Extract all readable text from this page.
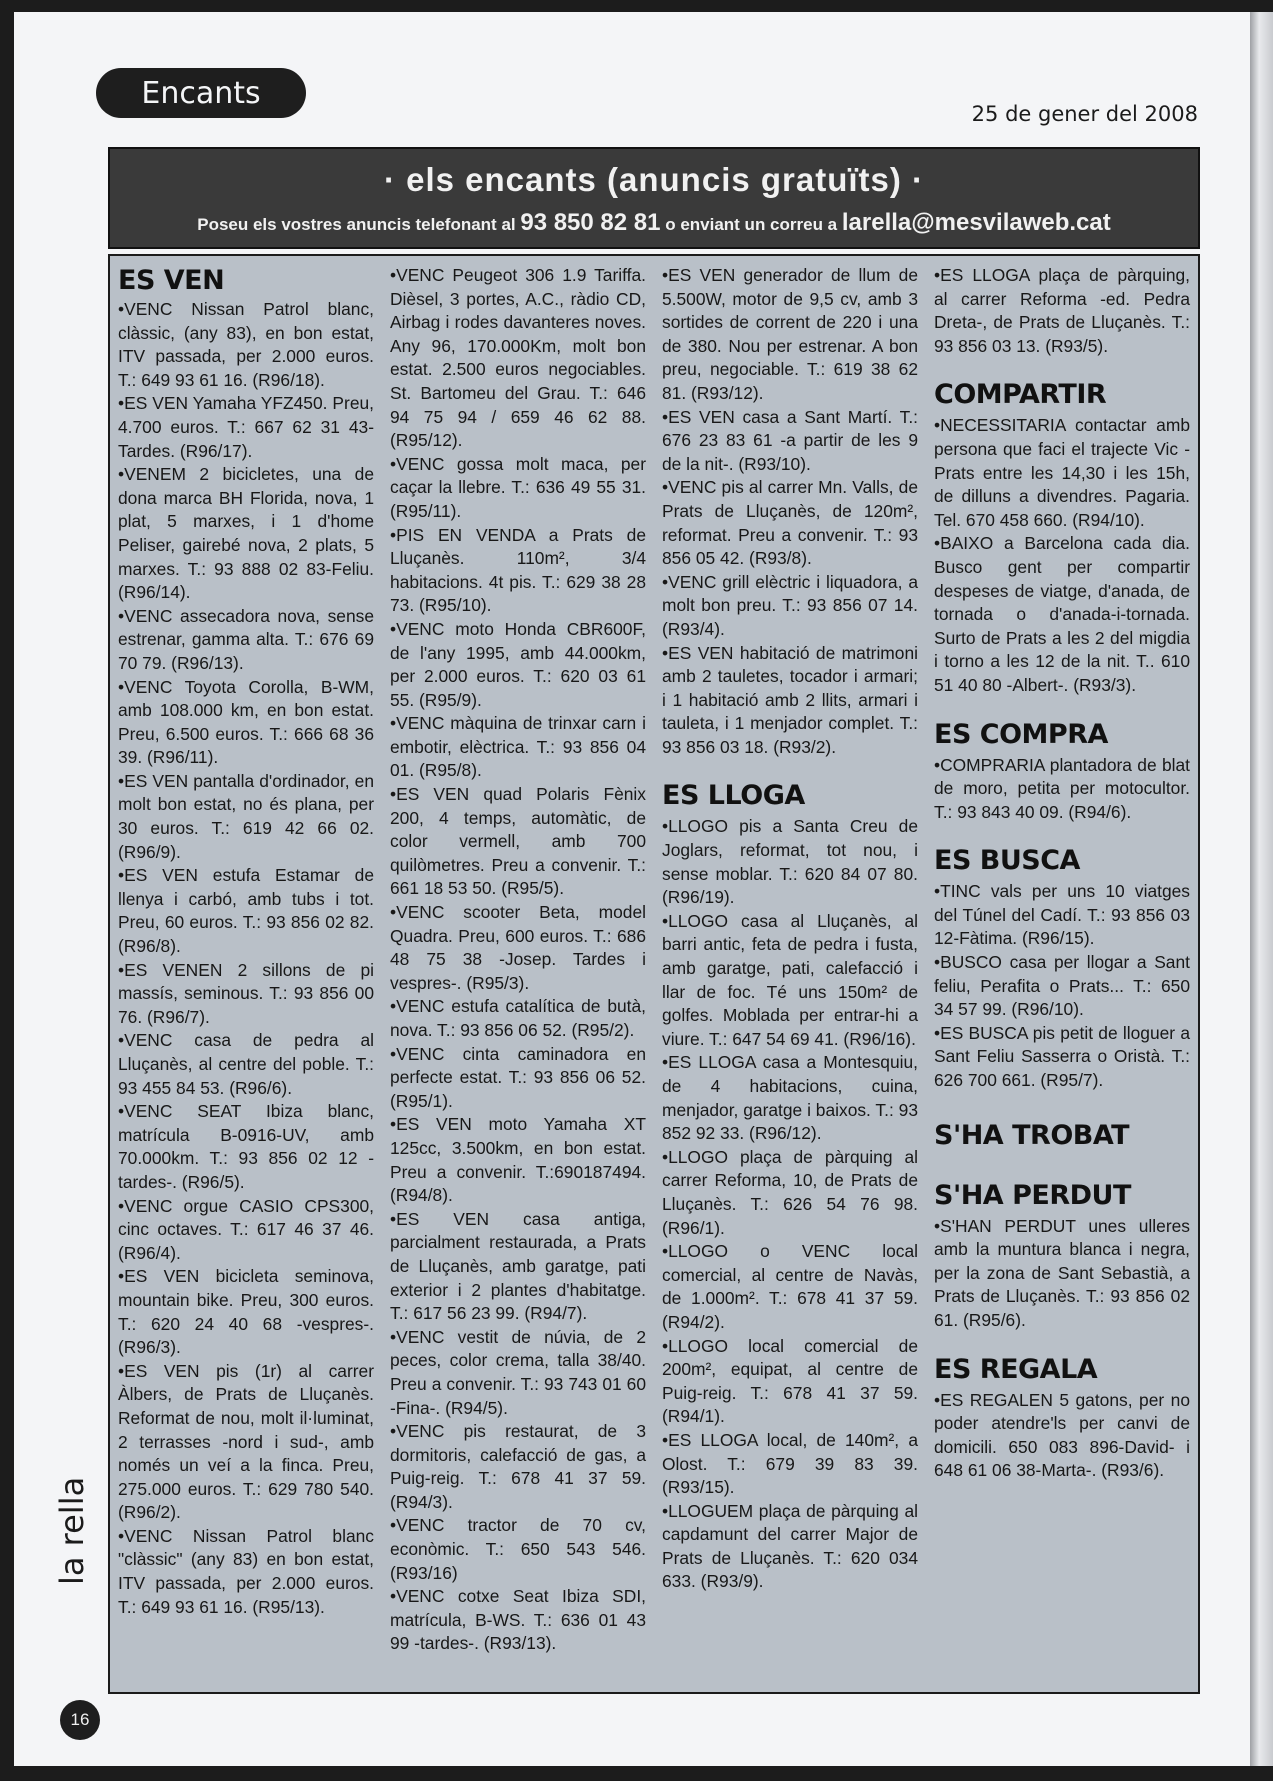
Encants
25 de gener del 2008
· els encants (anuncis gratuïts) ·
Poseu els vostres anuncis telefonant al 93 850 82 81 o enviant un correu a larella@mesvilaweb.cat
ES VEN

•VENC Nissan Patrol blanc, clàssic, (any 83), en bon estat, ITV passada, per 2.000 euros. T.: 649 93 61 16. (R96/18).

•ES VEN Yamaha YFZ450. Preu, 4.700 euros. T.: 667 62 31 43-Tardes. (R96/17).

•VENEM 2 bicicletes, una de dona marca BH Florida, nova, 1 plat, 5 marxes, i 1 d'home Peliser, gairebé nova, 2 plats, 5 marxes. T.: 93 888 02 83-Feliu. (R96/14).

•VENC assecadora nova, sense estrenar, gamma alta. T.: 676 69 70 79. (R96/13).

•VENC Toyota Corolla, B-WM, amb 108.000 km, en bon estat. Preu, 6.500 euros. T.: 666 68 36 39. (R96/11).

•ES VEN pantalla d'ordinador, en molt bon estat, no és plana, per 30 euros. T.: 619 42 66 02. (R96/9).

•ES VEN estufa Estamar de llenya i carbó, amb tubs i tot. Preu, 60 euros. T.: 93 856 02 82. (R96/8).

•ES VENEN 2 sillons de pi massís, seminous. T.: 93 856 00 76. (R96/7).

•VENC casa de pedra al Lluçanès, al centre del poble. T.: 93 455 84 53. (R96/6).

•VENC SEAT Ibiza blanc, matrícula B-0916-UV, amb 70.000km. T.: 93 856 02 12 -tardes-. (R96/5).

•VENC orgue CASIO CPS300, cinc octaves. T.: 617 46 37 46. (R96/4).

•ES VEN bicicleta seminova, mountain bike. Preu, 300 euros. T.: 620 24 40 68 -vespres-. (R96/3).

•ES VEN pis (1r) al carrer Àlbers, de Prats de Lluçanès. Reformat de nou, molt il·luminat, 2 terrasses -nord i sud-, amb només un veí a la finca. Preu, 275.000 euros. T.: 629 780 540. (R96/2).

•VENC Nissan Patrol blanc "clàssic" (any 83) en bon estat, ITV passada, per 2.000 euros. T.: 649 93 61 16. (R95/13).

•VENC Peugeot 306 1.9 Tariffa. Dièsel, 3 portes, A.C., ràdio CD, Airbag i rodes davanteres noves. Any 96, 170.000Km, molt bon estat. 2.500 euros negociables. St. Bartomeu del Grau. T.: 646 94 75 94 / 659 46 62 88. (R95/12).

•VENC gossa molt maca, per caçar la llebre. T.: 636 49 55 31. (R95/11).

•PIS EN VENDA a Prats de Lluçanès. 110m², 3/4 habitacions. 4t pis. T.: 629 38 28 73. (R95/10).

•VENC moto Honda CBR600F, de l'any 1995, amb 44.000km, per 2.000 euros. T.: 620 03 61 55. (R95/9).

•VENC màquina de trinxar carn i embotir, elèctrica. T.: 93 856 04 01. (R95/8).

•ES VEN quad Polaris Fènix 200, 4 temps, automàtic, de color vermell, amb 700 quilòmetres. Preu a convenir. T.: 661 18 53 50. (R95/5).

•VENC scooter Beta, model Quadra. Preu, 600 euros. T.: 686 48 75 38 -Josep. Tardes i vespres-. (R95/3).

•VENC estufa catalítica de butà, nova. T.: 93 856 06 52. (R95/2).

•VENC cinta caminadora en perfecte estat. T.: 93 856 06 52. (R95/1).

•ES VEN moto Yamaha XT 125cc, 3.500km, en bon estat. Preu a convenir. T.:690187494. (R94/8).

•ES VEN casa antiga, parcialment restaurada, a Prats de Lluçanès, amb garatge, pati exterior i 2 plantes d'habitatge. T.: 617 56 23 99. (R94/7).

•VENC vestit de núvia, de 2 peces, color crema, talla 38/40. Preu a convenir. T.: 93 743 01 60 -Fina-. (R94/5).

•VENC pis restaurat, de 3 dormitoris, calefacció de gas, a Puig-reig. T.: 678 41 37 59. (R94/3).

•VENC tractor de 70 cv, econòmic. T.: 650 543 546. (R93/16)

•VENC cotxe Seat Ibiza SDI, matrícula, B-WS. T.: 636 01 43 99 -tardes-. (R93/13).

•ES VEN generador de llum de 5.500W, motor de 9,5 cv, amb 3 sortides de corrent de 220 i una de 380. Nou per estrenar. A bon preu, negociable. T.: 619 38 62 81. (R93/12).

•ES VEN casa a Sant Martí. T.: 676 23 83 61 -a partir de les 9 de la nit-. (R93/10).

•VENC pis al carrer Mn. Valls, de Prats de Lluçanès, de 120m², reformat. Preu a convenir. T.: 93 856 05 42. (R93/8).

•VENC grill elèctric i liquadora, a molt bon preu. T.: 93 856 07 14. (R93/4).

•ES VEN habitació de matrimoni amb 2 tauletes, tocador i armari; i 1 habitació amb 2 llits, armari i tauleta, i 1 menjador complet. T.: 93 856 03 18. (R93/2).

ES LLOGA

•LLOGO pis a Santa Creu de Joglars, reformat, tot nou, i sense moblar. T.: 620 84 07 80. (R96/19).

•LLOGO casa al Lluçanès, al barri antic, feta de pedra i fusta, amb garatge, pati, calefacció i llar de foc. Té uns 150m² de golfes. Moblada per entrar-hi a viure. T.: 647 54 69 41. (R96/16).

•ES LLOGA casa a Montesquiu, de 4 habitacions, cuina, menjador, garatge i baixos. T.: 93 852 92 33. (R96/12).

•LLOGO plaça de pàrquing al carrer Reforma, 10, de Prats de Lluçanès. T.: 626 54 76 98. (R96/1).

•LLOGO o VENC local comercial, al centre de Navàs, de 1.000m². T.: 678 41 37 59. (R94/2).

•LLOGO local comercial de 200m², equipat, al centre de Puig-reig. T.: 678 41 37 59. (R94/1).

•ES LLOGA local, de 140m², a Olost. T.: 679 39 83 39. (R93/15).

•LLOGUEM plaça de pàrquing al capdamunt del carrer Major de Prats de Lluçanès. T.: 620 034 633. (R93/9).

•ES LLOGA plaça de pàrquing, al carrer Reforma -ed. Pedra Dreta-, de Prats de Lluçanès. T.: 93 856 03 13. (R93/5).

COMPARTIR

•NECESSITARIA contactar amb persona que faci el trajecte Vic - Prats entre les 14,30 i les 15h, de dilluns a divendres. Pagaria. Tel. 670 458 660. (R94/10).

•BAIXO a Barcelona cada dia. Busco gent per compartir despeses de viatge, d'anada, de tornada o d'anada-i-tornada. Surto de Prats a les 2 del migdia i torno a les 12 de la nit. T.. 610 51 40 80 -Albert-. (R93/3).

ES COMPRA

•COMPRARIA plantadora de blat de moro, petita per motocultor. T.: 93 843 40 09. (R94/6).

ES BUSCA

•TINC vals per uns 10 viatges del Túnel del Cadí. T.: 93 856 03 12-Fàtima. (R96/15).

•BUSCO casa per llogar a Sant feliu, Perafita o Prats... T.: 650 34 57 99. (R96/10).

•ES BUSCA pis petit de lloguer a Sant Feliu Sasserra o Oristà. T.: 626 700 661. (R95/7).

S'HA TROBAT
S'HA PERDUT

•S'HAN PERDUT unes ulleres amb la muntura blanca i negra, per la zona de Sant Sebastià, a Prats de Lluçanès. T.: 93 856 02 61. (R95/6).

ES REGALA

•ES REGALEN 5 gatons, per no poder atendre'ls per canvi de domicili. 650 083 896-David- i 648 61 06 38-Marta-. (R93/6).

la rella
16
